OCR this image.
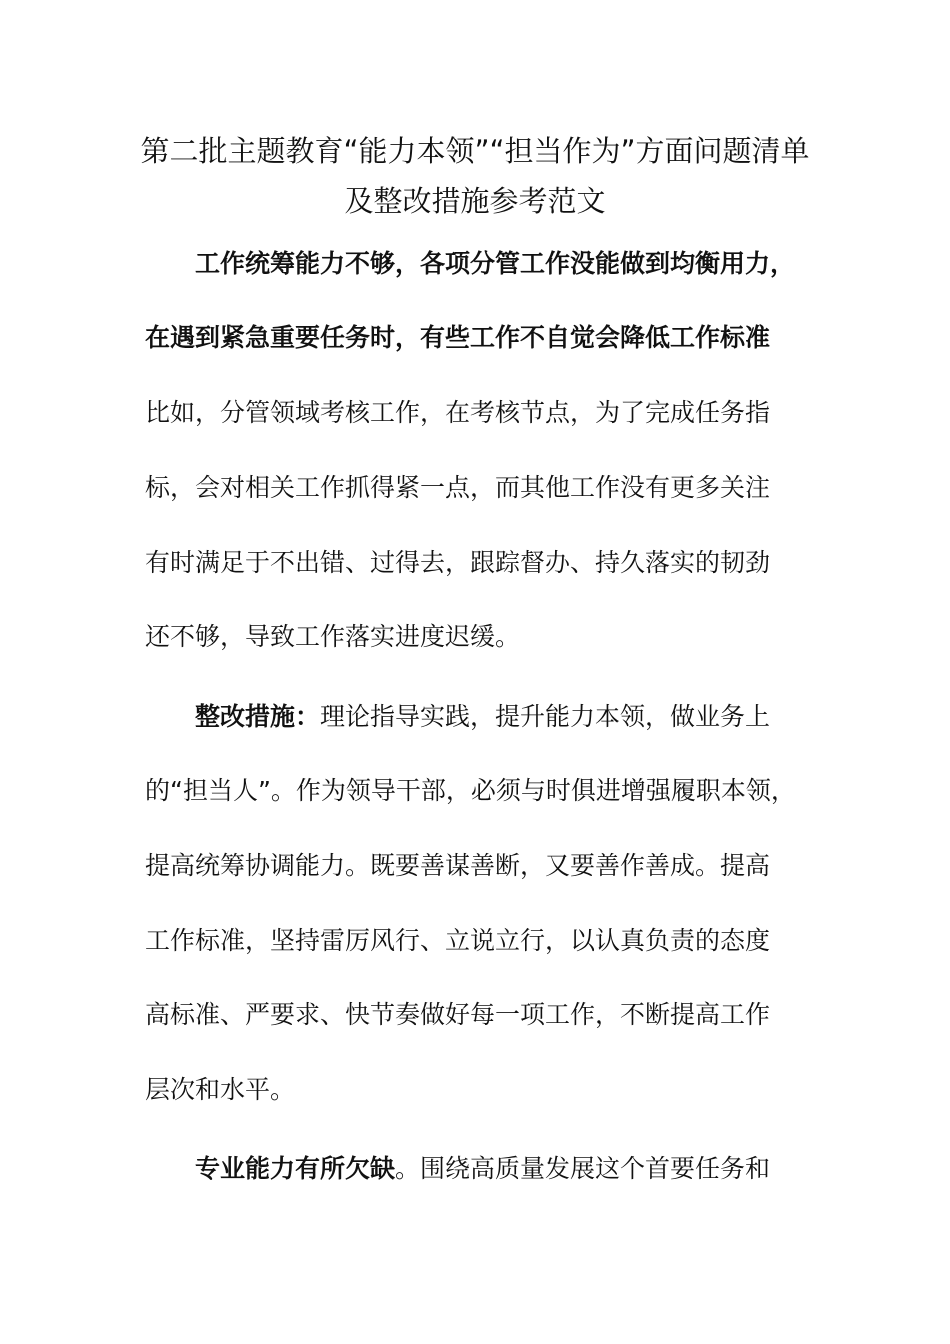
第二批主题教育“能力本领”“担当作为”方面问题清单
及整改措施参考范文
工作统筹能力不够，各项分管工作没能做到均衡用力，
在遇到紧急重要任务时，有些工作不自觉会降低工作标准
比如，分管领域考核工作，在考核节点，为了完成任务指
标，会对相关工作抓得紧一点，而其他工作没有更多关注
有时满足于不出错、过得去，跟踪督办、持久落实的韧劲
还不够，导致工作落实进度迟缓。
整改措施：理论指导实践，提升能力本领，做业务上
的“担当人”。作为领导干部，必须与时俱进增强履职本领，
提高统筹协调能力。既要善谋善断，又要善作善成。提高
工作标准，坚持雷厉风行、立说立行，以认真负责的态度
高标准、严要求、快节奏做好每一项工作，不断提高工作
层次和水平。
专业能力有所欠缺。围绕高质量发展这个首要任务和
